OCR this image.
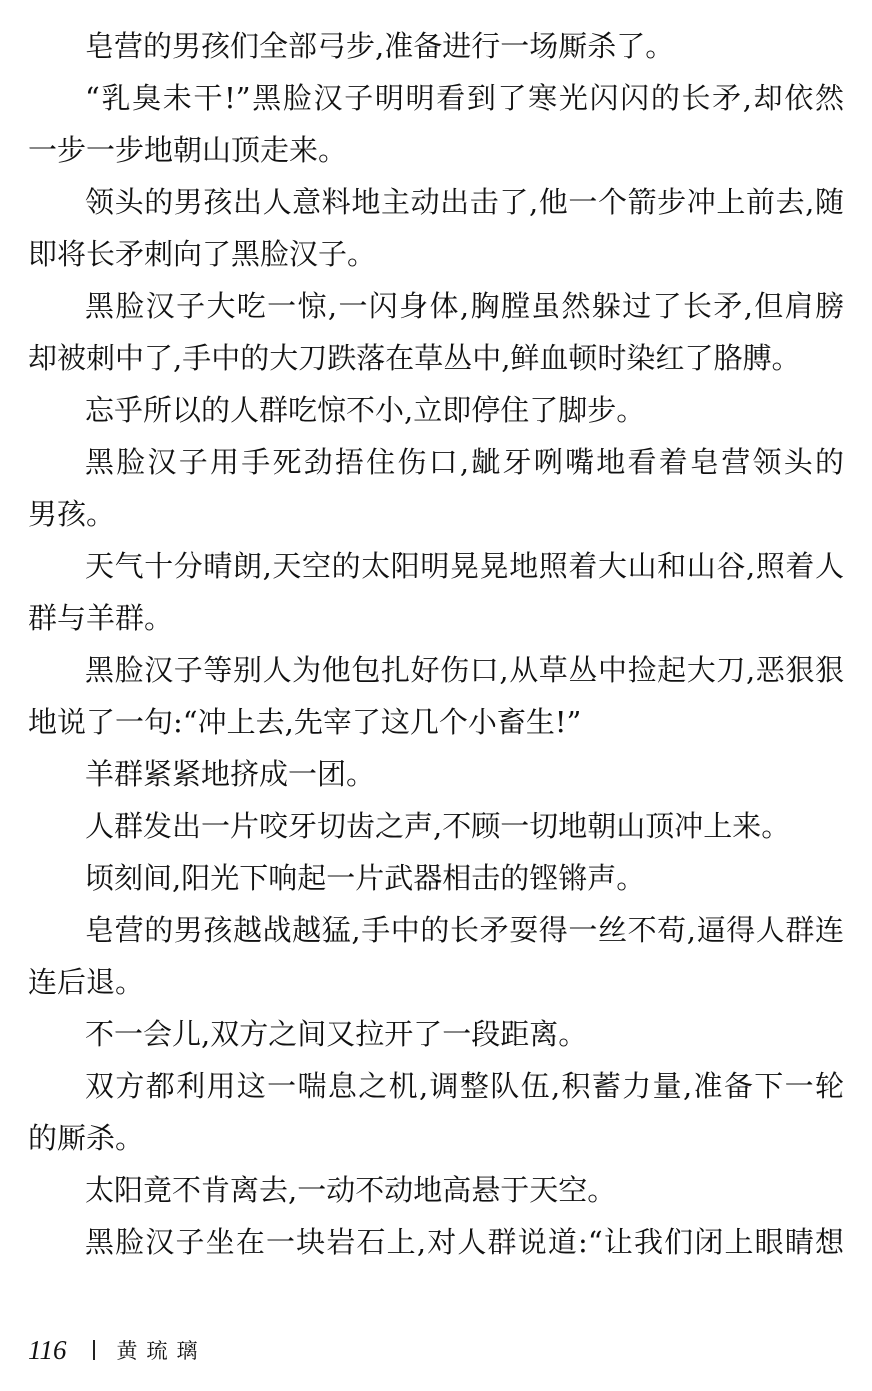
皂营的男孩们全部弓步,准备进行一场厮杀了。
“乳臭未干!”黑脸汉子明明看到了寒光闪闪的长矛,却依然
一步一步地朝山顶走来。
领头的男孩出人意料地主动出击了,他一个箭步冲上前去,随
即将长矛刺向了黑脸汉子。
黑脸汉子大吃一惊,一闪身体,胸膛虽然躲过了长矛,但肩膀
却被刺中了,手中的大刀跌落在草丛中,鲜血顿时染红了胳膊。
忘乎所以的人群吃惊不小,立即停住了脚步。
黑脸汉子用手死劲捂住伤口,龇牙咧嘴地看着皂营领头的
男孩。
天气十分晴朗,天空的太阳明晃晃地照着大山和山谷,照着人
群与羊群。
黑脸汉子等别人为他包扎好伤口,从草丛中捡起大刀,恶狠狠
地说了一句:“冲上去,先宰了这几个小畜生!”
羊群紧紧地挤成一团。
人群发出一片咬牙切齿之声,不顾一切地朝山顶冲上来。
顷刻间,阳光下响起一片武器相击的铿锵声。
皂营的男孩越战越猛,手中的长矛耍得一丝不苟,逼得人群连
连后退。
不一会儿,双方之间又拉开了一段距离。
双方都利用这一喘息之机,调整队伍,积蓄力量,准备下一轮
的厮杀。
太阳竟不肯离去,一动不动地高悬于天空。
黑脸汉子坐在一块岩石上,对人群说道:“让我们闭上眼睛想
116 黄琉璃
